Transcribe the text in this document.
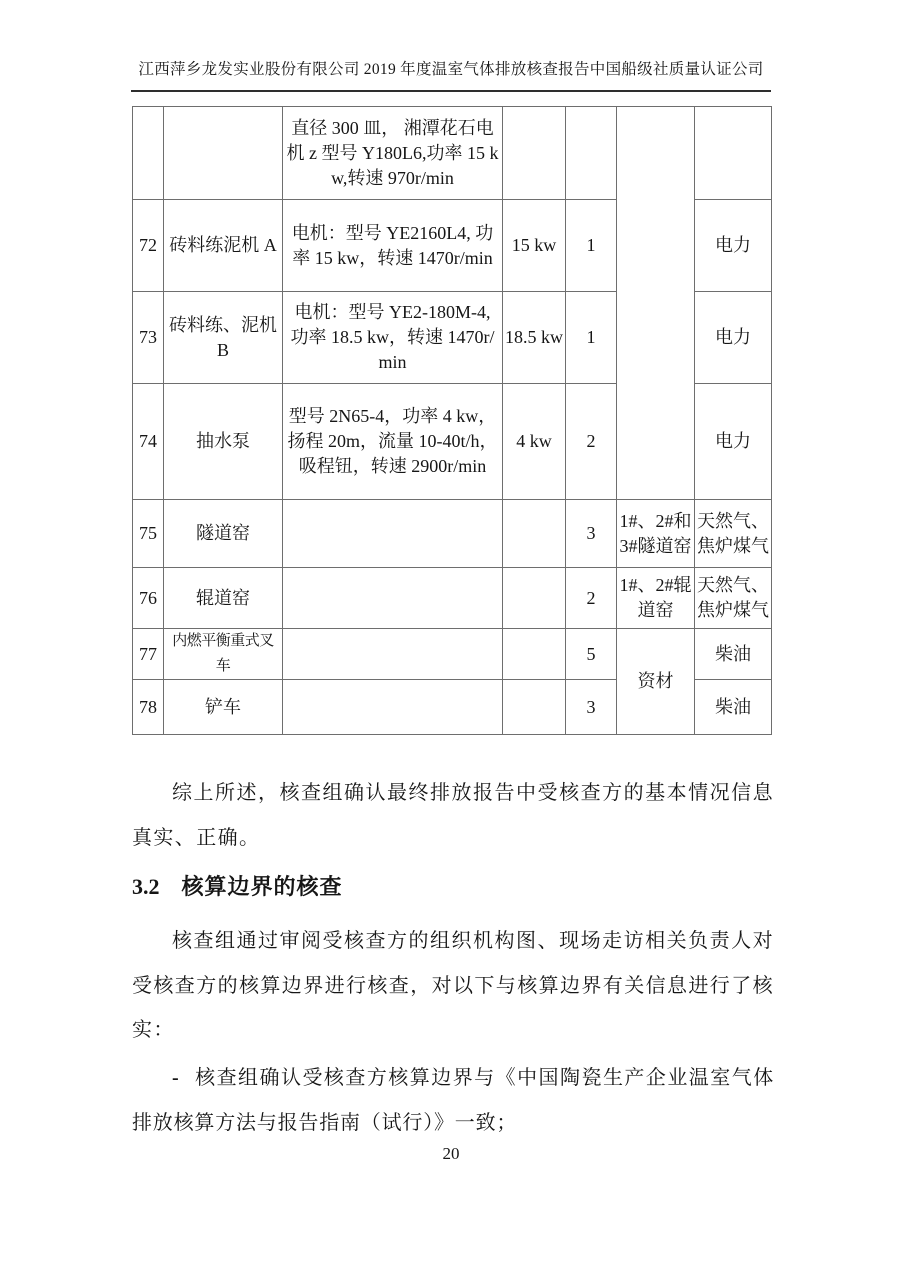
江西萍乡龙发实业股份有限公司 2019 年度温室气体排放核查报告中国船级社质量认证公司
		直径 300 皿， 湘潭花石电机 z 型号 Y180L6,功率 15 kw,转速 970r/min				
72	砖料练泥机 A	电机：型号 YE2160L4, 功率 15 kw，转速 1470r/min	15 kw	1		电力
73	砖料练、泥机 B	电机：型号 YE2-180M-4, 功率 18.5 kw，转速 1470r/min	18.5 kw	1		电力
74	抽水泵	型号 2N65-4，功率 4 kw，扬程 20m，流量 10-40t/h，吸程钮，转速 2900r/min	4 kw	2		电力
75	隧道窑			3	1#、2#和 3#隧道窑	天然气、焦炉煤气
76	辊道窑			2	1#、2#辊道窑	天然气、焦炉煤气
77	内燃平衡重式叉车			5	资材	柴油
78	铲车			3		柴油
综上所述，核查组确认最终排放报告中受核查方的基本情况信息真实、正确。
3.2 核算边界的核查
核查组通过审阅受核查方的组织机构图、现场走访相关负责人对受核查方的核算边界进行核查，对以下与核算边界有关信息进行了核实：
- 核查组确认受核查方核算边界与《中国陶瓷生产企业温室气体排放核算方法与报告指南（试行）》一致；
20
